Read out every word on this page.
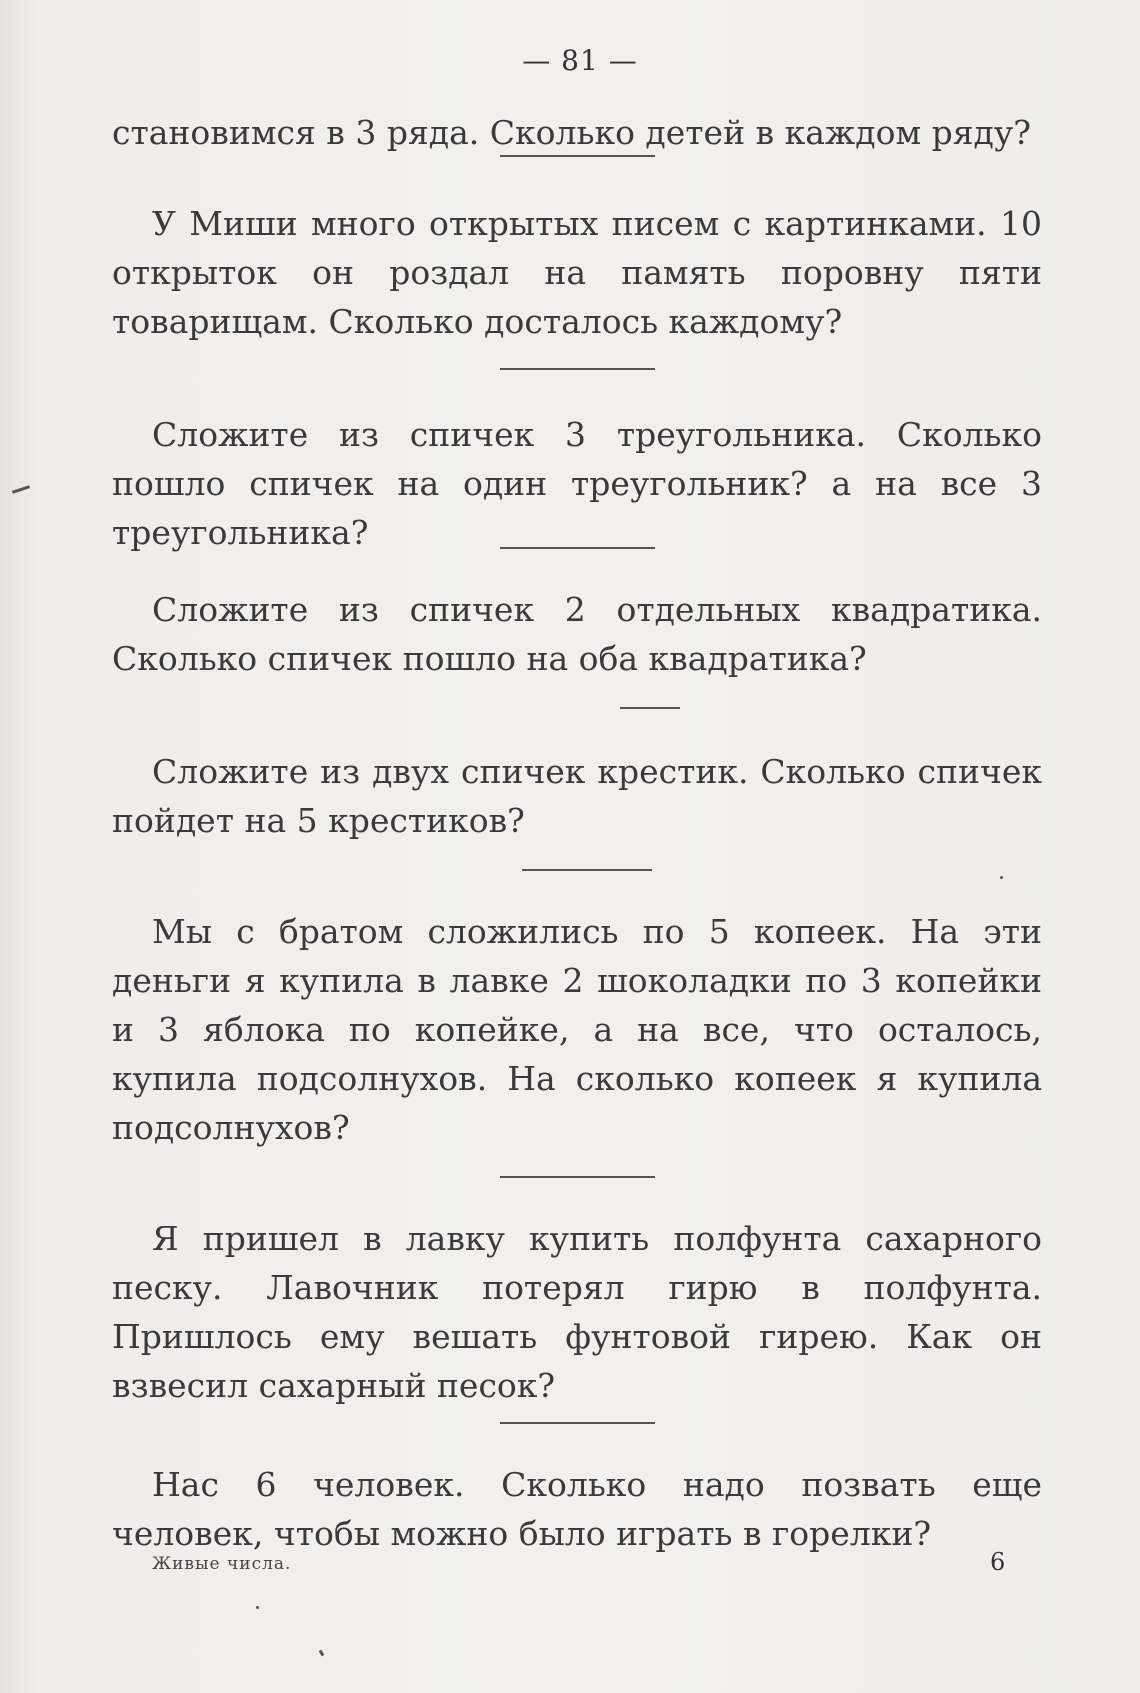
— 81 —

становимся в 3 ряда. Сколько детей в каждом ряду?

У Миши много открытых писем с картинками. 10 открыток он роздал на память поровну пяти товарищам. Сколько досталось каждому?

Сложите из спичек 3 треугольника. Сколько пошло спичек на один треугольник? а на все 3 треугольника?

Сложите из спичек 2 отдельных квадратика. Сколько спичек пошло на оба квадратика?

Сложите из двух спичек крестик. Сколько спичек пойдет на 5 крестиков?

Мы с братом сложились по 5 копеек. На эти деньги я купила в лавке 2 шоколадки по 3 копейки и 3 яблока по копейке, а на все, что осталось, купила подсолнухов. На сколько копеек я купила подсолнухов?

Я пришел в лавку купить полфунта сахарного песку. Лавочник потерял гирю в полфунта. Пришлось ему вешать фунтовой гирею. Как он взвесил сахарный песок?

Нас 6 человек. Сколько надо позвать еще человек, чтобы можно было играть в горелки?

Живые числа.	6
